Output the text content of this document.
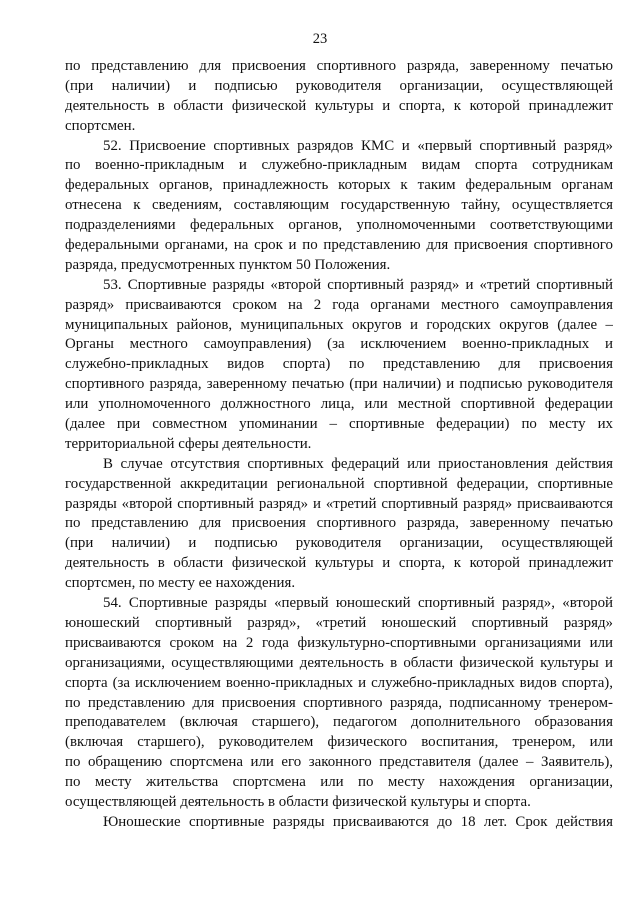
23
по представлению для присвоения спортивного разряда, заверенному печатью
(при наличии) и подписью руководителя организации, осуществляющей
деятельность в области физической культуры и спорта, к которой принадлежит
спортсмен.
52. Присвоение спортивных разрядов КМС и «первый спортивный разряд»
по военно-прикладным и служебно-прикладным видам спорта сотрудникам
федеральных органов, принадлежность которых к таким федеральным органам
отнесена к сведениям, составляющим государственную тайну, осуществляется
подразделениями федеральных органов, уполномоченными соответствующими
федеральными органами, на срок и по представлению для присвоения спортивного
разряда, предусмотренных пунктом 50 Положения.
53. Спортивные разряды «второй спортивный разряд» и «третий спортивный
разряд» присваиваются сроком на 2 года органами местного самоуправления
муниципальных районов, муниципальных округов и городских округов (далее –
Органы местного самоуправления) (за исключением военно-прикладных и
служебно-прикладных видов спорта) по представлению для присвоения
спортивного разряда, заверенному печатью (при наличии) и подписью руководителя
или уполномоченного должностного лица, или местной спортивной федерации
(далее при совместном упоминании – спортивные федерации) по месту их
территориальной сферы деятельности.
В случае отсутствия спортивных федераций или приостановления действия
государственной аккредитации региональной спортивной федерации, спортивные
разряды «второй спортивный разряд» и «третий спортивный разряд» присваиваются
по представлению для присвоения спортивного разряда, заверенному печатью
(при наличии) и подписью руководителя организации, осуществляющей
деятельность в области физической культуры и спорта, к которой принадлежит
спортсмен, по месту ее нахождения.
54. Спортивные разряды «первый юношеский спортивный разряд», «второй
юношеский спортивный разряд», «третий юношеский спортивный разряд»
присваиваются сроком на 2 года физкультурно-спортивными организациями или
организациями, осуществляющими деятельность в области физической культуры и
спорта (за исключением военно-прикладных и служебно-прикладных видов спорта),
по представлению для присвоения спортивного разряда, подписанному тренером-
преподавателем (включая старшего), педагогом дополнительного образования
(включая старшего), руководителем физического воспитания, тренером, или
по обращению спортсмена или его законного представителя (далее – Заявитель),
по месту жительства спортсмена или по месту нахождения организации,
осуществляющей деятельность в области физической культуры и спорта.
Юношеские спортивные разряды присваиваются до 18 лет. Срок действия
